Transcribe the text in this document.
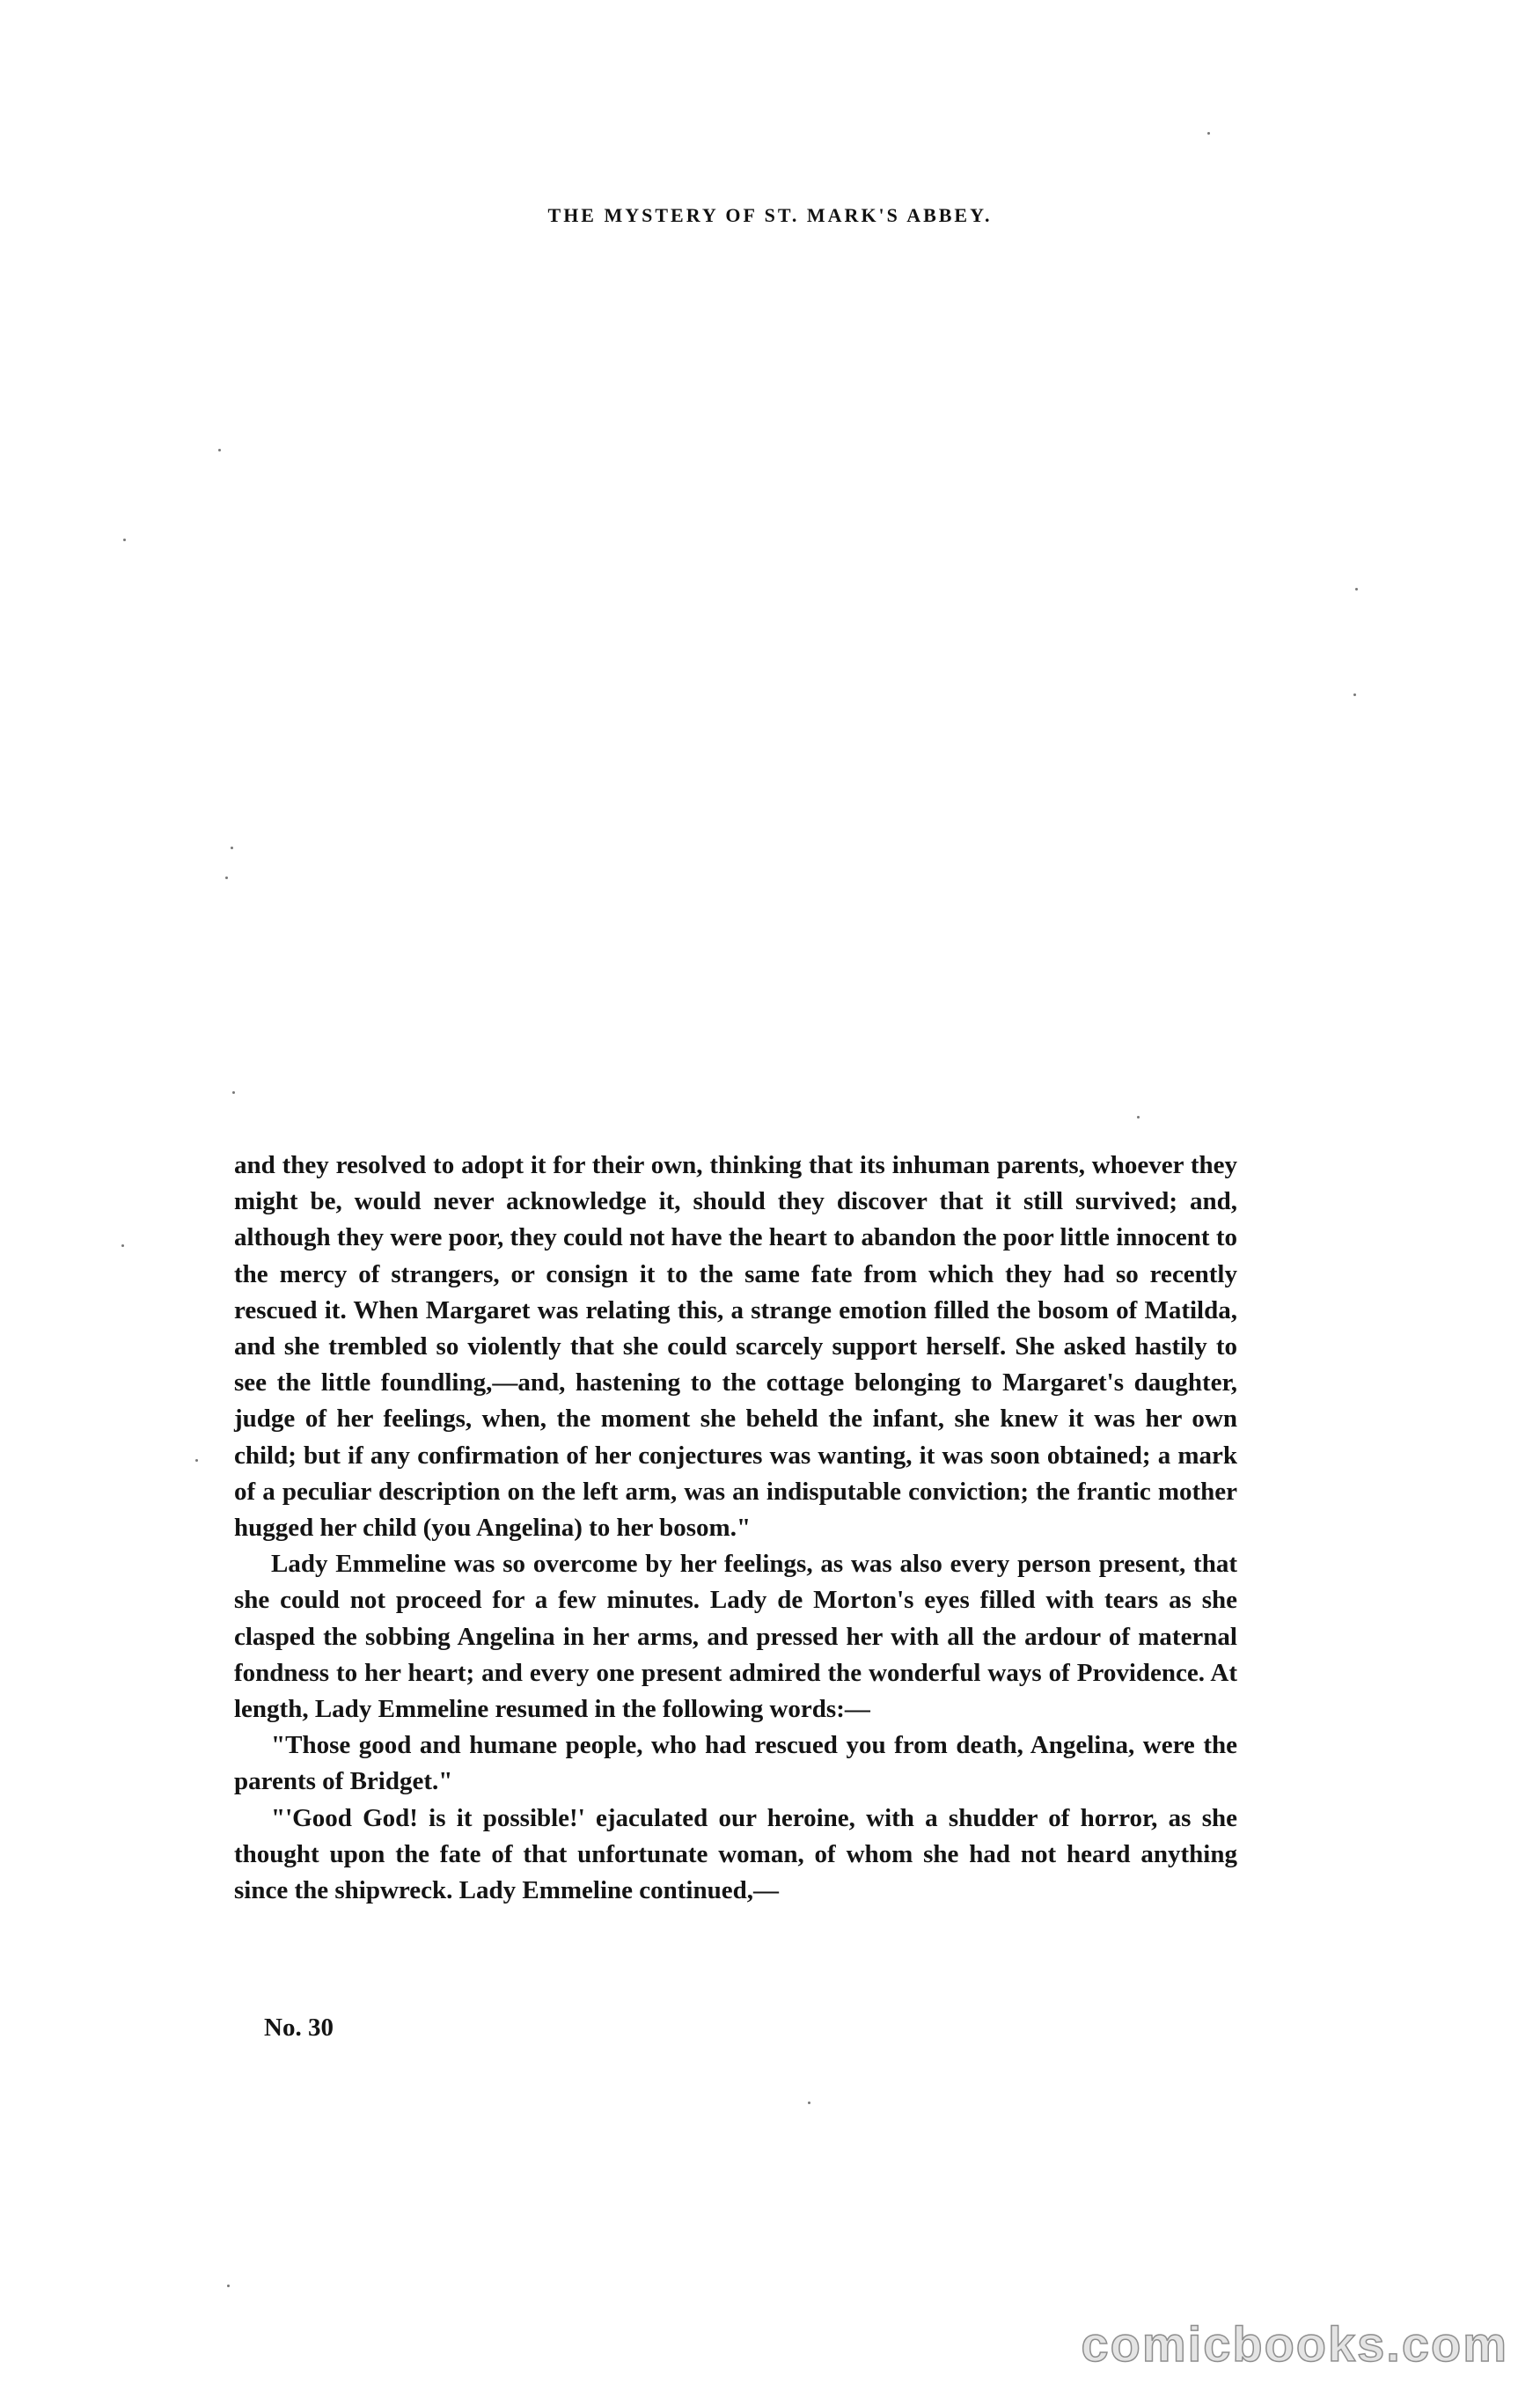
THE MYSTERY OF ST. MARK'S ABBEY.

and they resolved to adopt it for their own, thinking that its inhuman parents, whoever they might be, would never acknowledge it, should they discover that it still survived; and, although they were poor, they could not have the heart to abandon the poor little innocent to the mercy of strangers, or consign it to the same fate from which they had so recently rescued it. When Margaret was relating this, a strange emotion filled the bosom of Matilda, and she trembled so violently that she could scarcely support herself. She asked hastily to see the little foundling,—and, hastening to the cottage belonging to Margaret's daughter, judge of her feelings, when, the moment she beheld the infant, she knew it was her own child; but if any confirmation of her conjectures was wanting, it was soon obtained; a mark of a peculiar description on the left arm, was an indisputable conviction; the frantic mother hugged her child (you Angelina) to her bosom."

Lady Emmeline was so overcome by her feelings, as was also every person present, that she could not proceed for a few minutes. Lady de Morton's eyes filled with tears as she clasped the sobbing Angelina in her arms, and pressed her with all the ardour of maternal fondness to her heart; and every one present admired the wonderful ways of Providence. At length, Lady Emmeline resumed in the following words:—

"Those good and humane people, who had rescued you from death, Angelina, were the parents of Bridget."

"'Good God! is it possible!' ejaculated our heroine, with a shudder of horror, as she thought upon the fate of that unfortunate woman, of whom she had not heard anything since the shipwreck. Lady Emmeline continued,—

No. 30
comicbooks.com
